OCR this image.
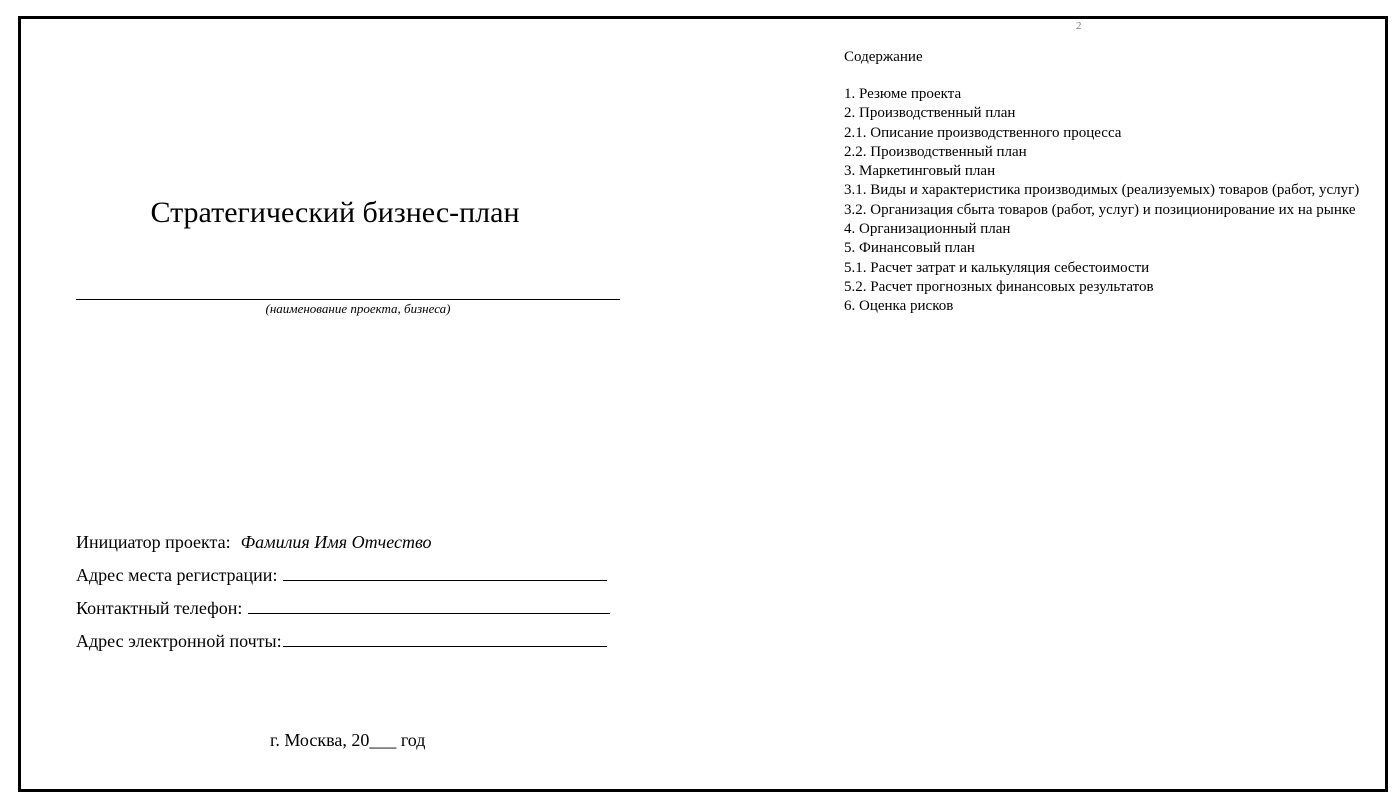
Стратегический бизнес-план
(наименование проекта, бизнеса)
Инициатор проекта: Фамилия Имя Отчество
Адрес места регистрации:
Контактный телефон:
Адрес электронной почты:
г. Москва, 20___ год
2
Содержание

1. Резюме проекта

2. Производственный план

2.1. Описание производственного процесса

2.2. Производственный план

3. Маркетинговый план

3.1. Виды и характеристика производимых (реализуемых) товаров (работ, услуг)

3.2. Организация сбыта товаров (работ, услуг) и позиционирование их на рынке

4. Организационный план

5. Финансовый план

5.1. Расчет затрат и калькуляция себестоимости

5.2. Расчет прогнозных финансовых результатов

6. Оценка рисков
